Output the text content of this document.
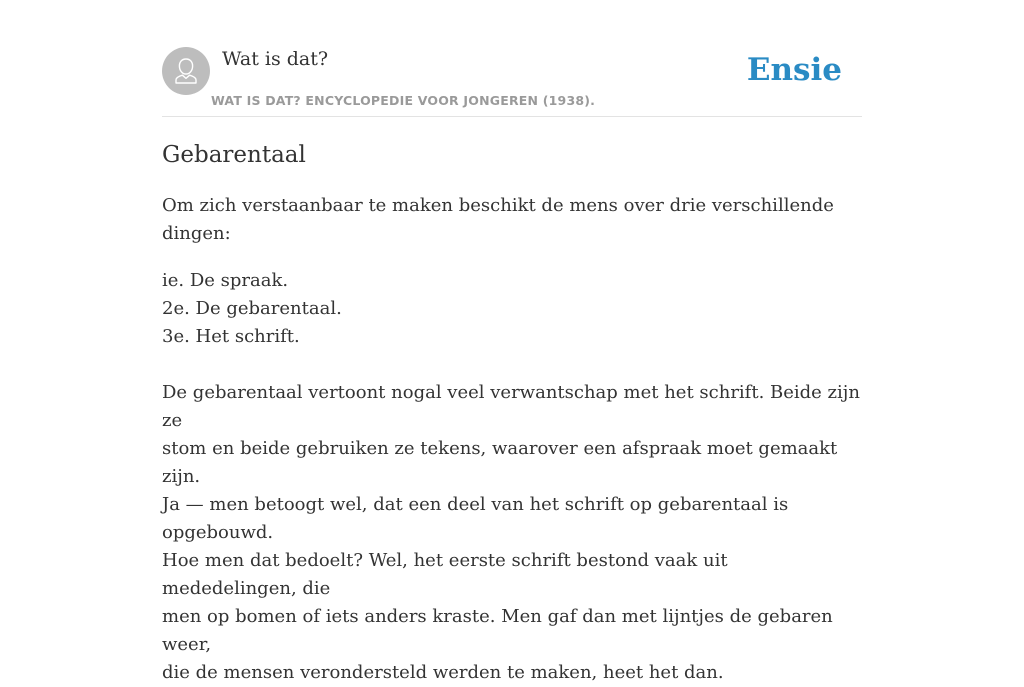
Wat is dat?
WAT IS DAT? ENCYCLOPEDIE VOOR JONGEREN (1938).
Ensie
Gebarentaal

Om zich verstaanbaar te maken beschikt de mens over drie verschillende dingen:

ie. De spraak.
2e. De gebarentaal.
3e. Het schrift.

De gebarentaal vertoont nogal veel verwantschap met het schrift. Beide zijn ze
stom en beide gebruiken ze tekens, waarover een afspraak moet gemaakt zijn.
Ja — men betoogt wel, dat een deel van het schrift op gebarentaal is opgebouwd.
Hoe men dat bedoelt? Wel, het eerste schrift bestond vaak uit mededelingen, die
men op bomen of iets anders kraste. Men gaf dan met lijntjes de gebaren weer,
die de mensen verondersteld werden te maken, heet het dan.
